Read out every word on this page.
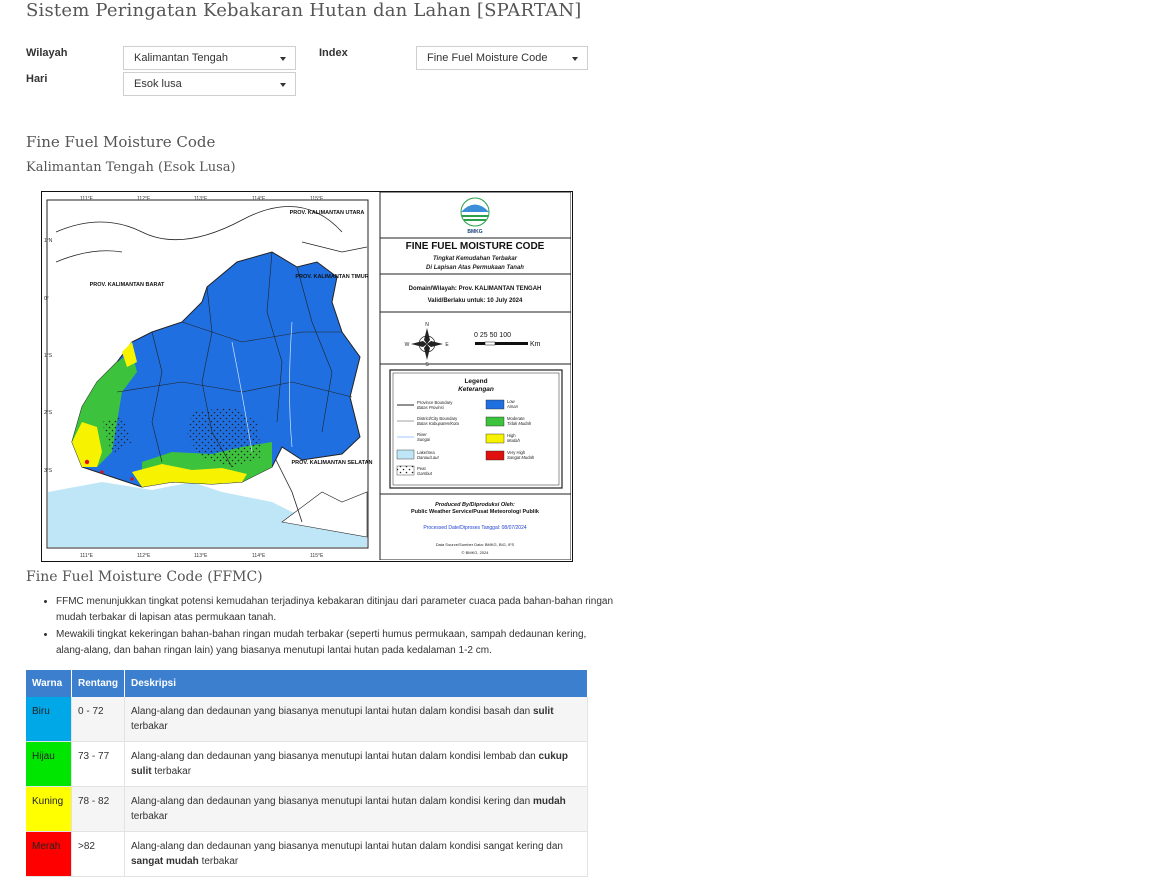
Sistem Peringatan Kebakaran Hutan dan Lahan [SPARTAN]
Wilayah	Kalimantan Tengah
Hari	Esok lusa
Index	Fine Fuel Moisture Code
Fine Fuel Moisture Code
Kalimantan Tengah (Esok Lusa)
PROV. KALIMANTAN BARAT
PROV. KALIMANTAN TIMUR
PROV. KALIMANTAN SELATAN
PROV. KALIMANTAN UTARA
111°E	112°E	113°E	114°E	115°E
111°E	112°E	113°E	114°E	115°E
1°N
0°
1°S
2°S
3°S
BMKG
FINE FUEL MOISTURE CODE
Tingkat Kemudahan Terbakar
Di Lapisan Atas Permukaan Tanah
Domain/Wilayah: Prov. KALIMANTAN TENGAH
Valid/Berlaku untuk: 10 July 2024
N
S
W	E
0 25 50 100
Km
Legend
Keterangan
Province Boundary
Batas Provinsi
District/City Boundary
Batas Kabupaten/Kota
River
Sungai
Lake/Sea
Danau/Laut
Peat
Gambut
Low
Aman
Moderate
Tidak Mudah
High
Mudah
Very High
Sangat Mudah
Produced By/Diproduksi Oleh:
Public Weather Service/Pusat Meteorologi Publik
Processed Date/Diproses Tanggal: 08/07/2024
Data Source/Sumber Data: BMKG, BIG, IFS
© BMKG, 2024
Fine Fuel Moisture Code (FFMC)
• FFMC menunjukkan tingkat potensi kemudahan terjadinya kebakaran ditinjau dari parameter cuaca pada bahan-bahan ringan mudah terbakar di lapisan atas permukaan tanah.
• Mewakili tingkat kekeringan bahan-bahan ringan mudah terbakar (seperti humus permukaan, sampah dedaunan kering, alang-alang, dan bahan ringan lain) yang biasanya menutupi lantai hutan pada kedalaman 1-2 cm.
Warna	Rentang	Deskripsi
Biru	0 - 72	Alang-alang dan dedaunan yang biasanya menutupi lantai hutan dalam kondisi basah dan sulit terbakar
Hijau	73 - 77	Alang-alang dan dedaunan yang biasanya menutupi lantai hutan dalam kondisi lembab dan cukup sulit terbakar
Kuning	78 - 82	Alang-alang dan dedaunan yang biasanya menutupi lantai hutan dalam kondisi kering dan mudah terbakar
Merah	>82	Alang-alang dan dedaunan yang biasanya menutupi lantai hutan dalam kondisi sangat kering dan sangat mudah terbakar
